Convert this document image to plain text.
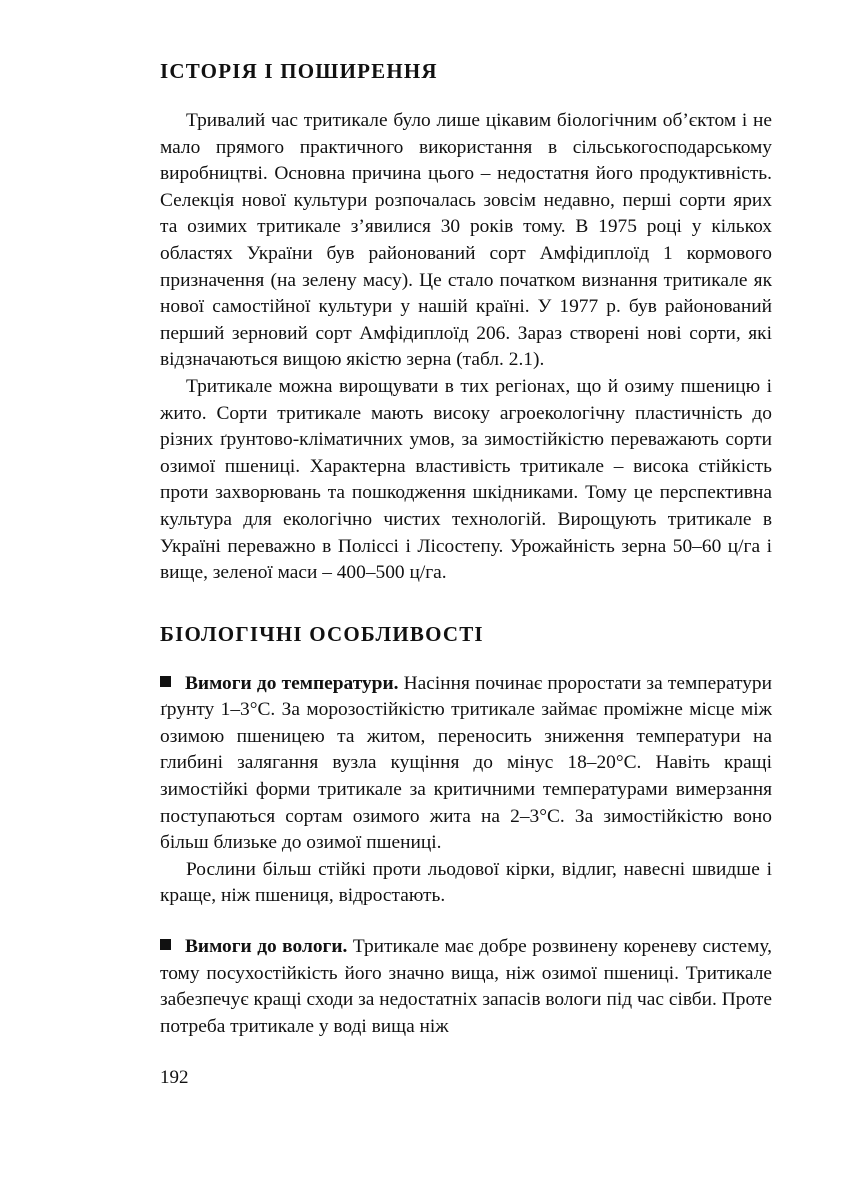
ІСТОРІЯ І ПОШИРЕННЯ

Тривалий час тритикале було лише цікавим біологічним об’єктом і не мало прямого практичного використання в сільськогосподарському виробництві. Основна причина цього – недостатня його продуктивність. Селекція нової культури розпочалась зовсім недавно, перші сорти ярих та озимих тритикале з’явилися 30 років тому. В 1975 році у кількох областях України був районований сорт Амфідиплоїд 1 кормового призначення (на зелену масу). Це стало початком визнання тритикале як нової самостійної культури у нашій країні. У 1977 р. був районований перший зерновий сорт Амфідиплоїд 206. Зараз створені нові сорти, які відзначаються вищою якістю зерна (табл. 2.1).

Тритикале можна вирощувати в тих регіонах, що й озиму пшеницю і жито. Сорти тритикале мають високу агроекологічну пластичність до різних ґрунтово-кліматичних умов, за зимостійкістю переважають сорти озимої пшениці. Характерна властивість тритикале – висока стійкість проти захворювань та пошкодження шкідниками. Тому це перспективна культура для екологічно чистих технологій. Вирощують тритикале в Україні переважно в Поліссі і Лісостепу. Урожайність зерна 50–60 ц/га і вище, зеленої маси – 400–500 ц/га.

БІОЛОГІЧНІ ОСОБЛИВОСТІ

Вимоги до температури. Насіння починає проростати за температури ґрунту 1–3°С. За морозостійкістю тритикале займає проміжне місце між озимою пшеницею та житом, переносить зниження температури на глибині залягання вузла кущіння до мінус 18–20°С. Навіть кращі зимостійкі форми тритикале за критичними температурами вимерзання поступаються сортам озимого жита на 2–3°С. За зимостійкістю воно більш близьке до озимої пшениці.

Рослини більш стійкі проти льодової кірки, відлиг, навесні швидше і краще, ніж пшениця, відростають.

Вимоги до вологи. Тритикале має добре розвинену кореневу систему, тому посухостійкість його значно вища, ніж озимої пшениці. Тритикале забезпечує кращі сходи за недостатніх запасів вологи під час сівби. Проте потреба тритикале у воді вища ніж

192
